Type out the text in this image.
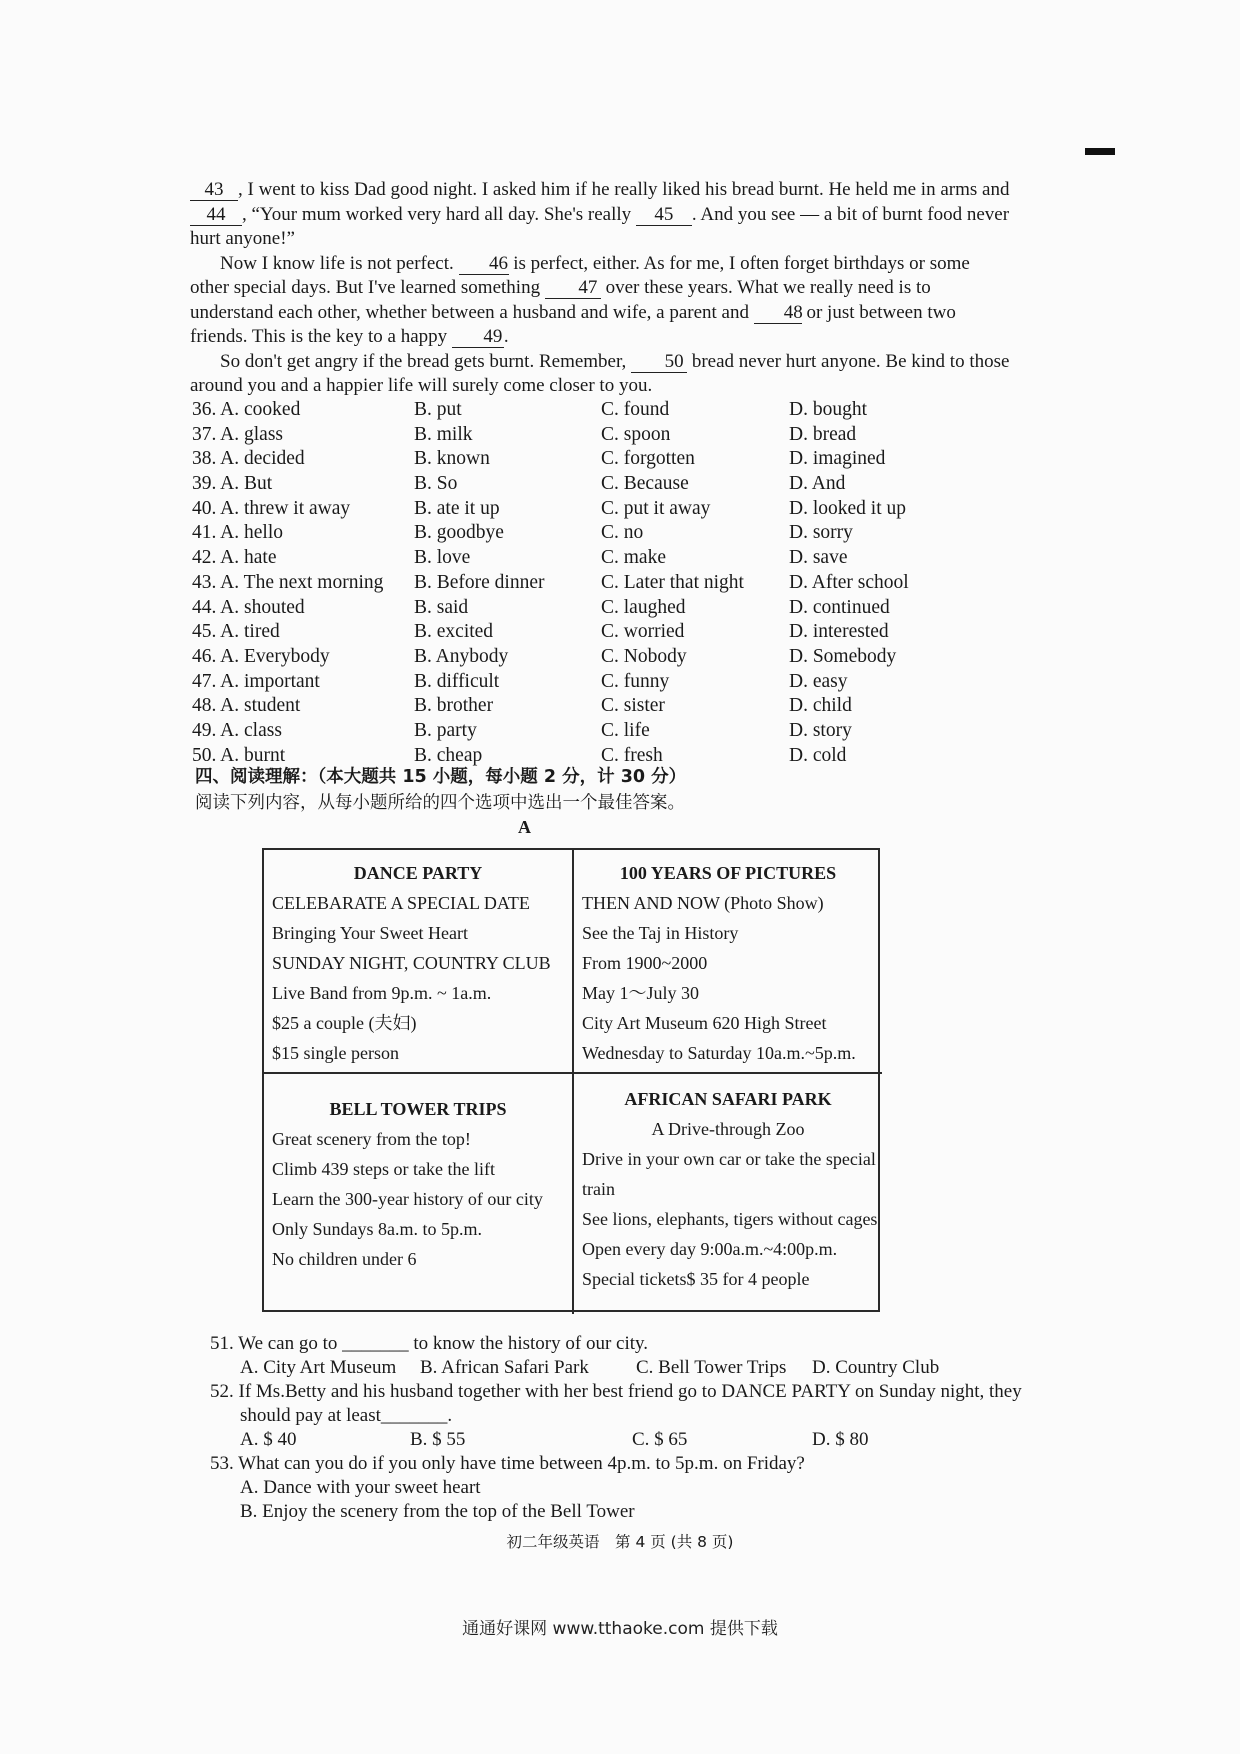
43 , I went to kiss Dad good night. I asked him if he really liked his bread burnt. He held me in arms and 44 , “Your mum worked very hard all day. She's really 45 . And you see — a bit of burnt food never hurt anyone!”

Now I know life is not perfect. 46 is perfect, either. As for me, I often forget birthdays or some other special days. But I've learned something 47 over these years. What we really need is to understand each other, whether between a husband and wife, a parent and 48 or just between two friends. This is the key to a happy 49.

So don't get angry if the bread gets burnt. Remember, 50 bread never hurt anyone. Be kind to those around you and a happier life will surely come closer to you.

36. A. cooked	B. put	C. found	D. bought
37. A. glass	B. milk	C. spoon	D. bread
38. A. decided	B. known	C. forgotten	D. imagined
39. A. But	B. So	C. Because	D. And
40. A. threw it away	B. ate it up	C. put it away	D. looked it up
41. A. hello	B. goodbye	C. no	D. sorry
42. A. hate	B. love	C. make	D. save
43. A. The next morning	B. Before dinner	C. Later that night	D. After school
44. A. shouted	B. said	C. laughed	D. continued
45. A. tired	B. excited	C. worried	D. interested
46. A. Everybody	B. Anybody	C. Nobody	D. Somebody
47. A. important	B. difficult	C. funny	D. easy
48. A. student	B. brother	C. sister	D. child
49. A. class	B. party	C. life	D. story
50. A. burnt	B. cheap	C. fresh	D. cold
四、阅读理解：（本大题共 15 小题，每小题 2 分，计 30 分）
阅读下列内容，从每小题所给的四个选项中选出一个最佳答案。
A
DANCE PARTY
CELEBARATE A SPECIAL DATE
Bringing Your Sweet Heart
SUNDAY NIGHT, COUNTRY CLUB
Live Band from 9p.m. ~ 1a.m.
$25 a couple (夫妇)
$15 single person
100 YEARS OF PICTURES
THEN AND NOW (Photo Show)
See the Taj in History
From 1900~2000
May 1～July 30
City Art Museum 620 High Street
Wednesday to Saturday 10a.m.~5p.m.
BELL TOWER TRIPS
Great scenery from the top!
Climb 439 steps or take the lift
Learn the 300-year history of our city
Only Sundays 8a.m. to 5p.m.
No children under 6
AFRICAN SAFARI PARK
A Drive-through Zoo
Drive in your own car or take the special
train
See lions, elephants, tigers without cages
Open every day 9:00a.m.~4:00p.m.
Special tickets$ 35 for 4 people
51. We can go to _______ to know the history of our city.
A. City Art Museum	B. African Safari Park	C. Bell Tower Trips	D. Country Club
52. If Ms.Betty and his husband together with her best friend go to DANCE PARTY on Sunday night, they
should pay at least_______.
A. $ 40	B. $ 55	C. $ 65	D. $ 80
53. What can you do if you only have time between 4p.m. to 5p.m. on Friday?
A. Dance with your sweet heart
B. Enjoy the scenery from the top of the Bell Tower
初二年级英语　第 4 页 (共 8 页)
通通好课网 www.tthaoke.com 提供下载
